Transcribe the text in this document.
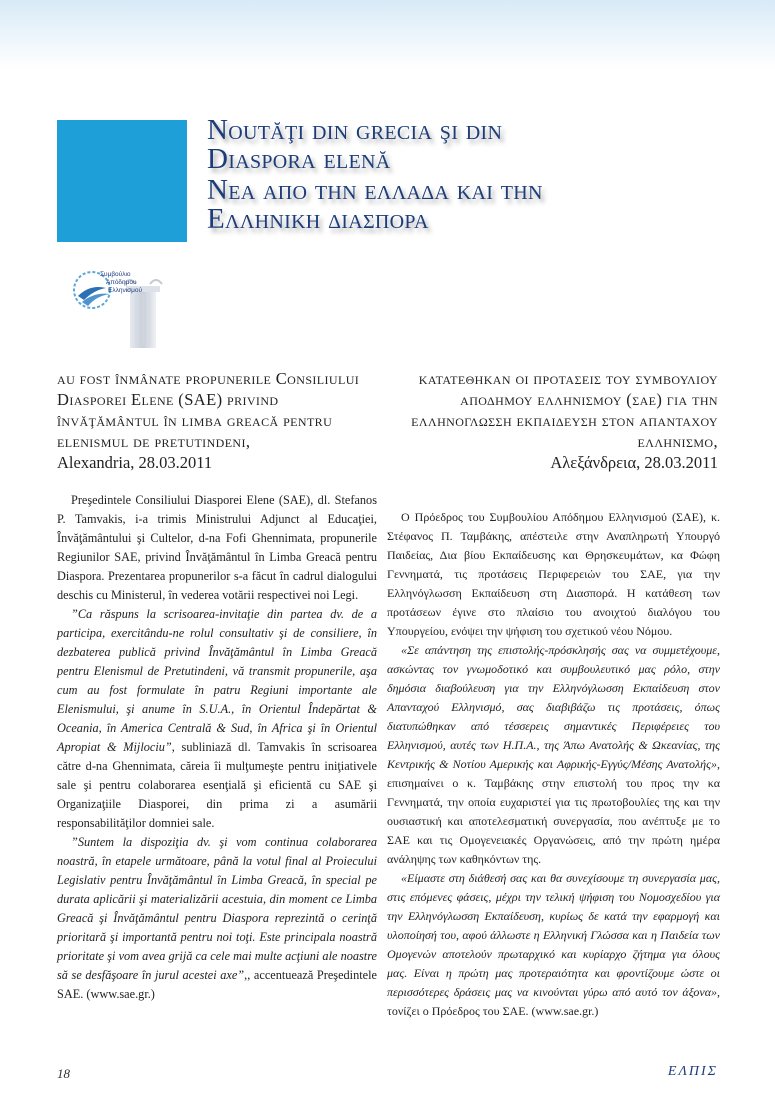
Noutăţi din grecia şi din
Diaspora elenă
Νεα απο την ελλαδα και την
Ελληνικη διασπορα
Συμβούλιο
Απόδημου
Ελληνισμού
au fost înmânate propunerile Consiliului Diasporei Elene (SAE) privind învăţământul în limba greacă pentru elenismul de pretutindeni,
Alexandria, 28.03.2011
κατατεθηκαν οι προτασεις του συμβουλιου αποδημου ελληνισμου (σαε) για την ελληνογλωσση εκπαιδευση στον απανταχου ελληνισμο,
Αλεξάνδρεια, 28.03.2011

Preşedintele Consiliului Diasporei Elene (SAE), dl. Stefanos P. Tamvakis, i-a trimis Ministrului Adjunct al Educaţiei, Învăţământului şi Cultelor, d-na Fofi Ghennimata, propunerile Regiunilor SAE, privind Învăţământul în Limba Greacă pentru Diaspora. Prezentarea propunerilor s-a făcut în cadrul dialogului deschis cu Ministerul, în vederea votării respectivei noi Legi.

”Ca răspuns la scrisoarea-invitaţie din partea dv. de a participa, exercitându-ne rolul consultativ şi de consiliere, în dezbaterea publică privind Învăţământul în Limba Greacă pentru Elenismul de Pretutindeni, vă transmit propunerile, aşa cum au fost formulate în patru Regiuni importante ale Elenismului, şi anume în S.U.A., în Orientul Îndepărtat & Oceania, în America Centrală & Sud, în Africa şi în Orientul Apropiat & Mijlociu”, subliniază dl. Tamvakis în scrisoarea către d-na Ghennimata, căreia îi mulţumeşte pentru iniţiativele sale şi pentru colaborarea esenţială şi eficientă cu SAE şi Organizaţiile Diasporei, din prima zi a asumării responsabilităţilor domniei sale.

”Suntem la dispoziţia dv. şi vom continua colaborarea noastră, în etapele următoare, până la votul final al Proiecului Legislativ pentru Învăţământul în Limba Greacă, în special pe durata aplicării şi materializării acestuia, din moment ce Limba Greacă şi Învăţământul pentru Diaspora reprezintă o cerinţă prioritară şi importantă pentru noi toţi. Este principala noastră prioritate şi vom avea grijă ca cele mai multe acţiuni ale noastre să se desfăşoare în jurul acestei axe”,, accentuează Preşedintele SAE. (www.sae.gr.)

Ο Πρόεδρος του Συμβουλίου Απόδημου Ελληνισμού (ΣΑΕ), κ. Στέφανος Π. Ταμβάκης, απέστειλε στην Αναπληρωτή Υπουργό Παιδείας, Δια βίου Εκπαίδευσης και Θρησκευμάτων, κα Φώφη Γεννηματά, τις προτάσεις Περιφερειών του ΣΑΕ, για την Ελληνόγλωσση Εκπαίδευση στη Διασπορά. Η κατάθεση των προτάσεων έγινε στο πλαίσιο του ανοιχτού διαλόγου του Υπουργείου, ενόψει την ψήφιση του σχετικού νέου Νόμου.

«Σε απάντηση της επιστολής-πρόσκλησής σας να συμμετέχουμε, ασκώντας τον γνωμοδοτικό και συμβουλευτικό μας ρόλο, στην δημόσια διαβούλευση για την Ελληνόγλωσση Εκπαίδευση στον Απανταχού Ελληνισμό, σας διαβιβάζω τις προτάσεις, όπως διατυπώθηκαν από τέσσερεις σημαντικές Περιφέρειες του Ελληνισμού, αυτές των Η.Π.Α., της Άπω Ανατολής & Ωκεανίας, της Κεντρικής & Νοτίου Αμερικής και Αφρικής-Εγγύς/Μέσης Ανατολής», επισημαίνει ο κ. Ταμβάκης στην επιστολή του προς την κα Γεννηματά, την οποία ευχαριστεί για τις πρωτοβουλίες της και την ουσιαστική και αποτελεσματική συνεργασία, που ανέπτυξε με το ΣΑΕ και τις Ομογενειακές Οργανώσεις, από την πρώτη ημέρα ανάληψης των καθηκόντων της.

«Είμαστε στη διάθεσή σας και θα συνεχίσουμε τη συνεργασία μας, στις επόμενες φάσεις, μέχρι την τελική ψήφιση του Νομοσχεδίου για την Ελληνόγλωσση Εκπαίδευση, κυρίως δε κατά την εφαρμογή και υλοποίησή του, αφού άλλωστε η Ελληνική Γλώσσα και η Παιδεία των Ομογενών αποτελούν πρωταρχικό και κυρίαρχο ζήτημα για όλους μας. Είναι η πρώτη μας προτεραιότητα και φροντίζουμε ώστε οι περισσότερες δράσεις μας να κινούνται γύρω από αυτό τον άξονα», τονίζει ο Πρόεδρος του ΣΑΕ. (www.sae.gr.)

18	ΕΛΠΙΣ
